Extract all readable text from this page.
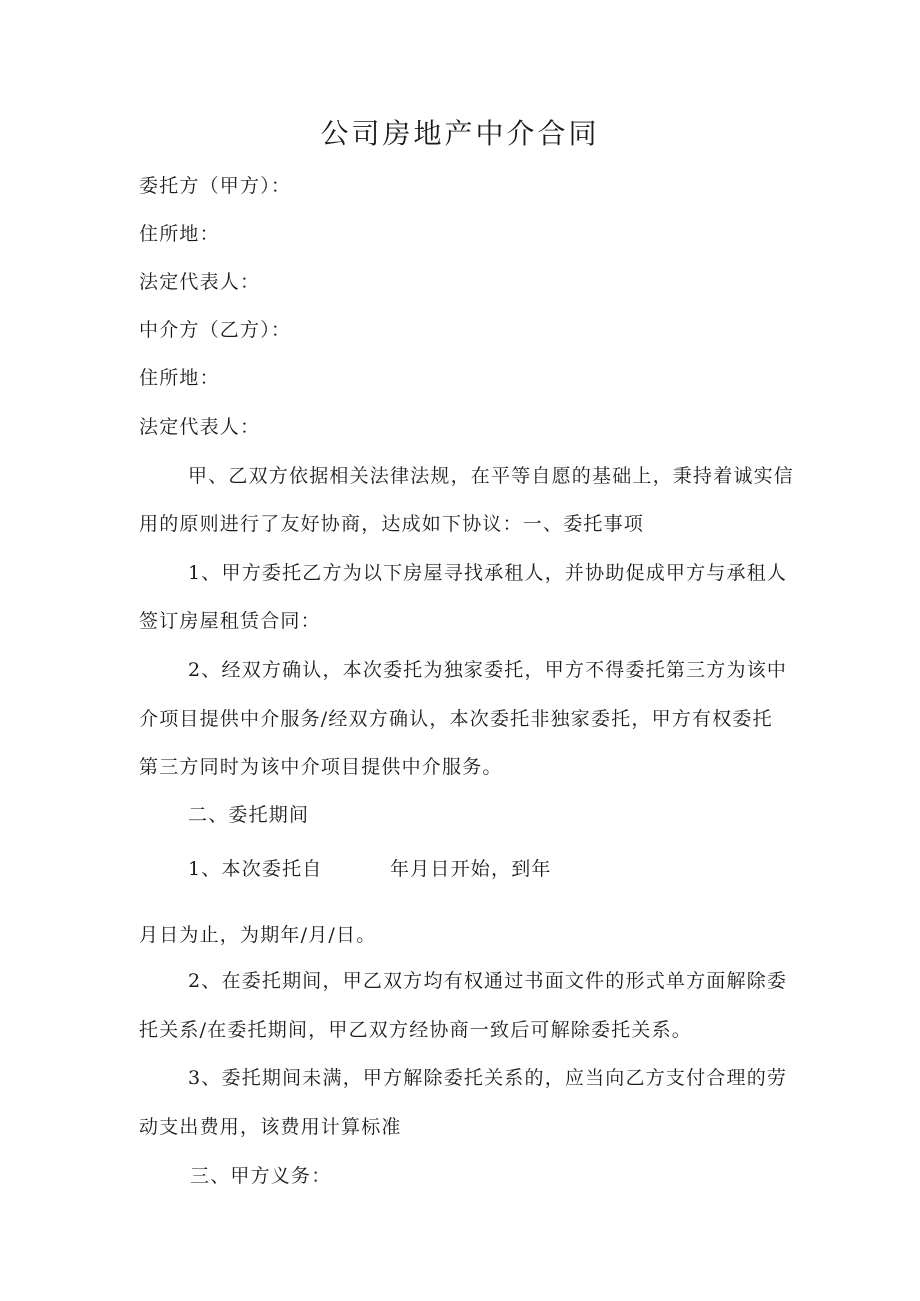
公司房地产中介合同
委托方（甲方）：
住所地：
法定代表人：
中介方（乙方）：
住所地：
法定代表人：
甲、乙双方依据相关法律法规，在平等自愿的基础上，秉持着诚实信
用的原则进行了友好协商，达成如下协议：一、委托事项
1、甲方委托乙方为以下房屋寻找承租人，并协助促成甲方与承租人
签订房屋租赁合同：
2、经双方确认，本次委托为独家委托，甲方不得委托第三方为该中
介项目提供中介服务/经双方确认，本次委托非独家委托，甲方有权委托
第三方同时为该中介项目提供中介服务。
二、委托期间
1、本次委托自	年月日开始，到年
月日为止，为期年/月/日。
2、在委托期间，甲乙双方均有权通过书面文件的形式单方面解除委
托关系/在委托期间，甲乙双方经协商一致后可解除委托关系。
3、委托期间未满，甲方解除委托关系的，应当向乙方支付合理的劳
动支出费用，该费用计算标准
三、甲方义务：
